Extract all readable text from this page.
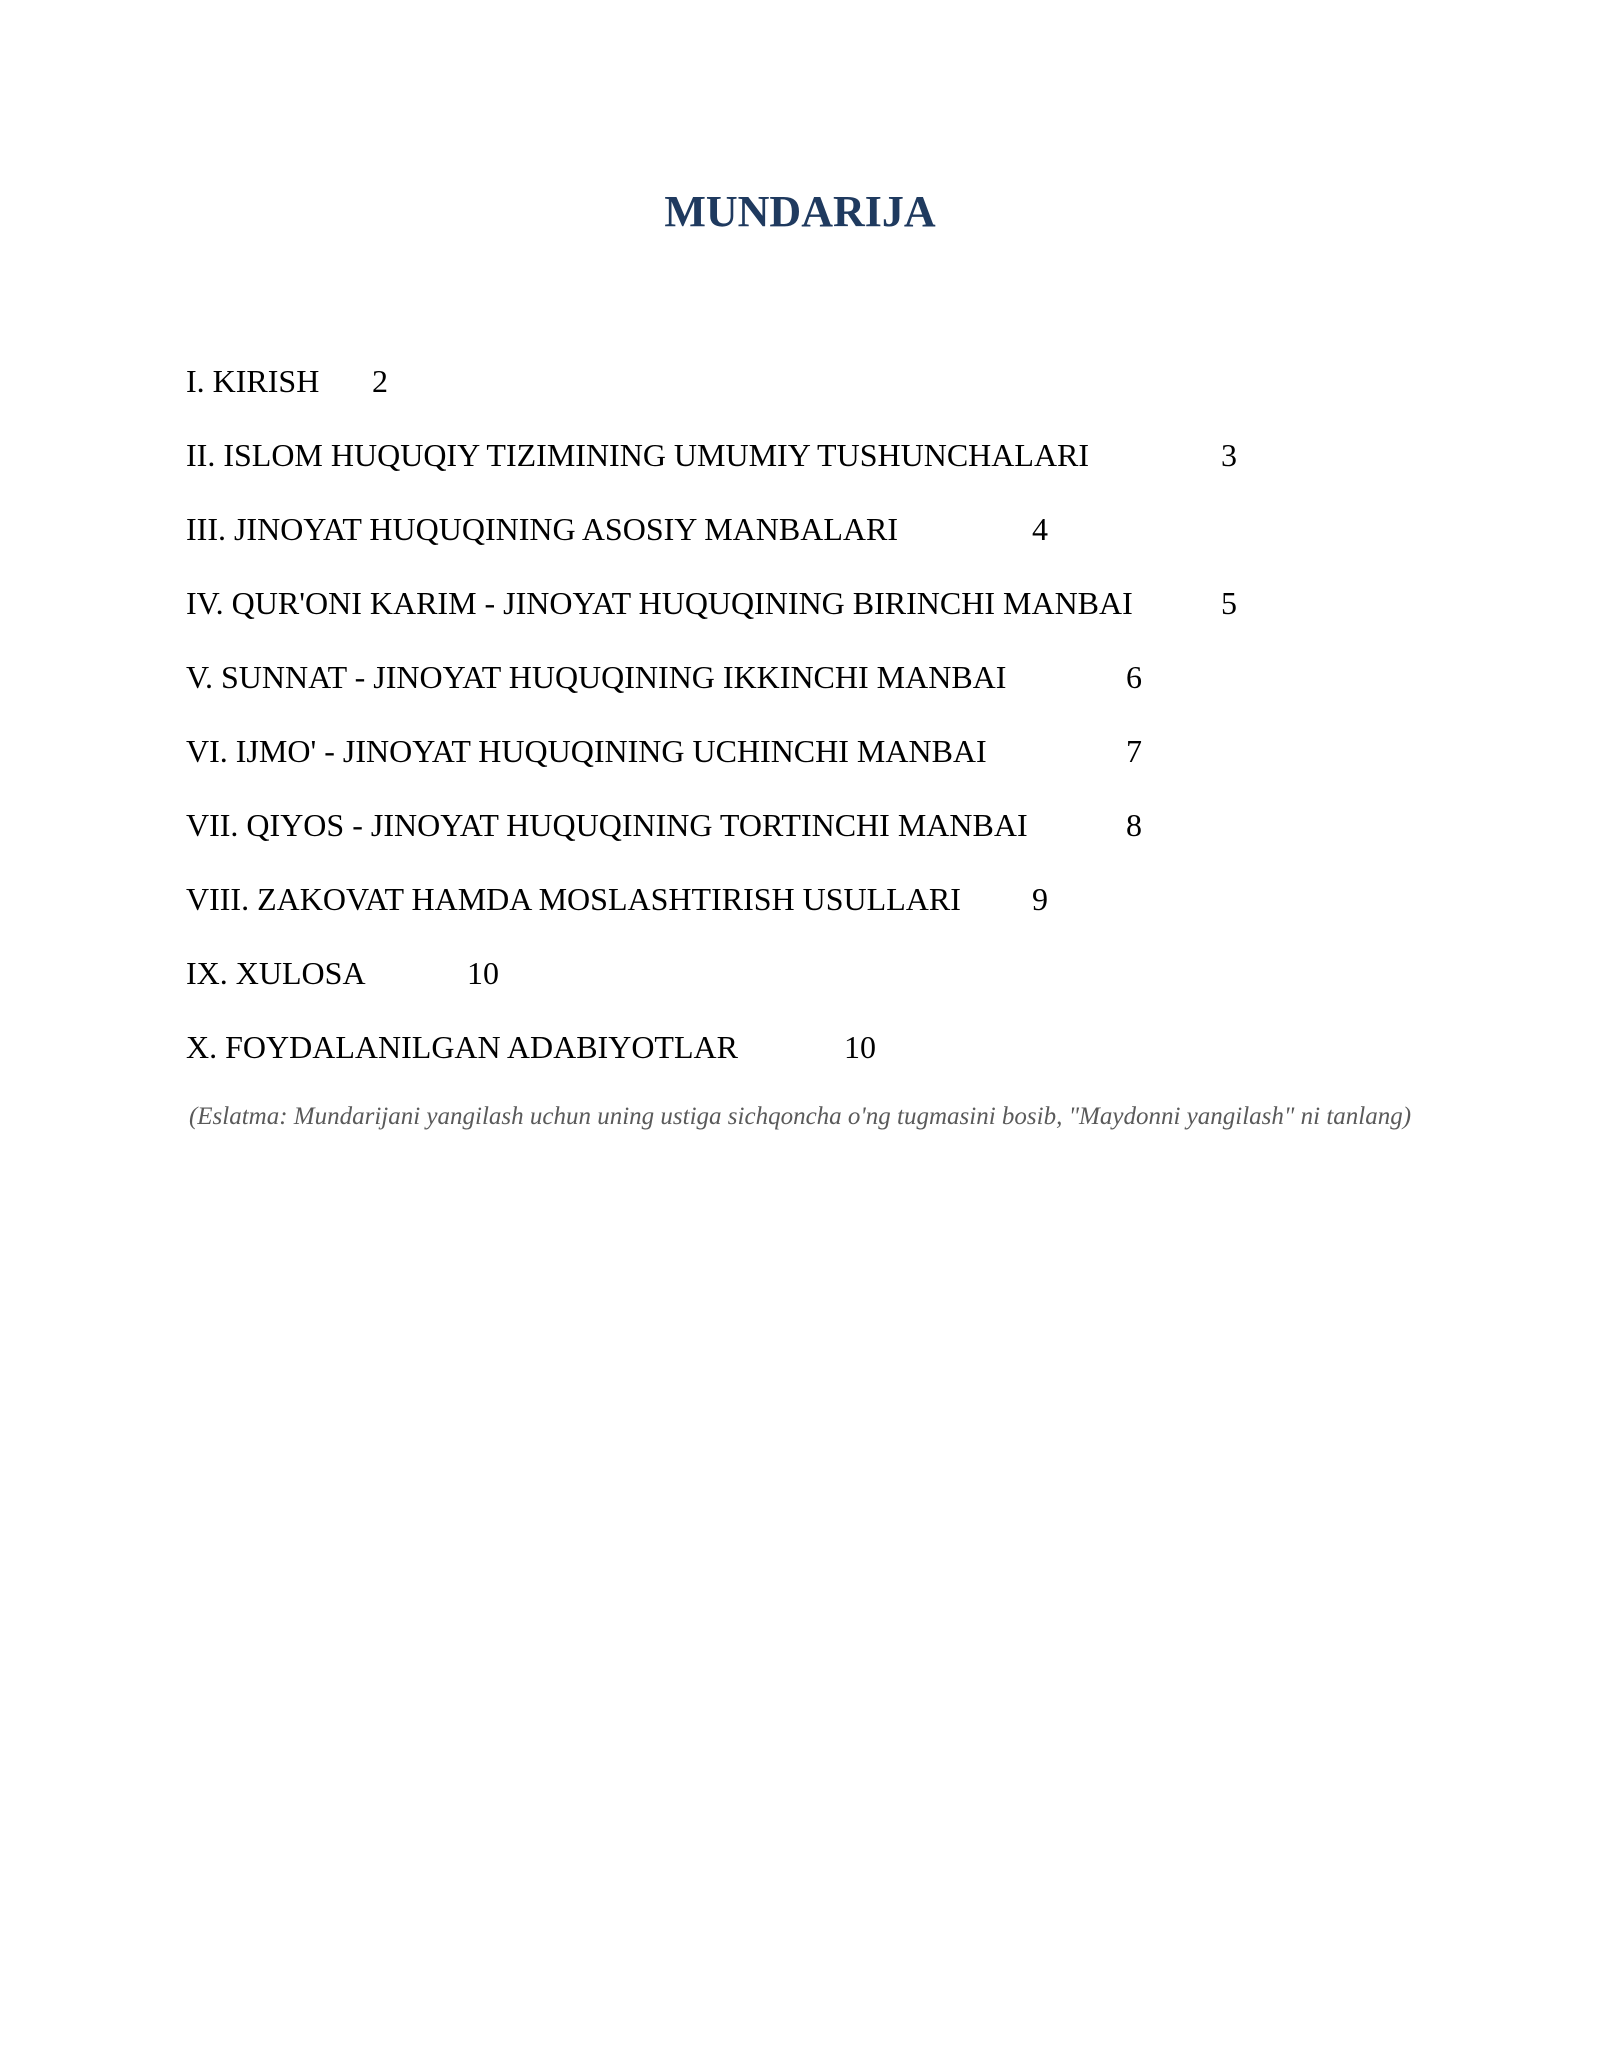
MUNDARIJA
I. KIRISH 2
II. ISLOM HUQUQIY TIZIMINING UMUMIY TUSHUNCHALARI	3
III. JINOYAT HUQUQINING ASOSIY MANBALARI	4
IV. QUR'ONI KARIM - JINOYAT HUQUQINING BIRINCHI MANBAI	5
V. SUNNAT - JINOYAT HUQUQINING IKKINCHI MANBAI	6
VI. IJMO' - JINOYAT HUQUQINING UCHINCHI MANBAI	7
VII. QIYOS - JINOYAT HUQUQINING TORTINCHI MANBAI	8
VIII. ZAKOVAT HAMDA MOSLASHTIRISH USULLARI 9
IX. XULOSA	10
X. FOYDALANILGAN ADABIYOTLAR	10
(Eslatma: Mundarijani yangilash uchun uning ustiga sichqoncha o'ng tugmasini bosib, "Maydonni yangilash" ni tanlang)
